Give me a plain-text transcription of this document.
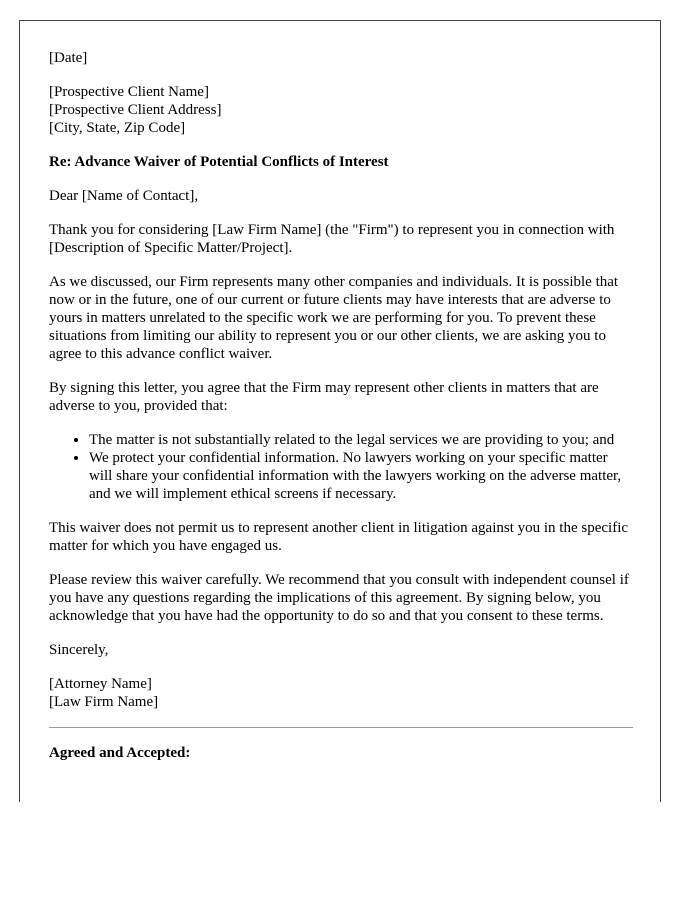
[Date]

[Prospective Client Name]
[Prospective Client Address]
[City, State, Zip Code]

Re: Advance Waiver of Potential Conflicts of Interest

Dear [Name of Contact],

Thank you for considering [Law Firm Name] (the "Firm") to represent you in connection with [Description of Specific Matter/Project].

As we discussed, our Firm represents many other companies and individuals. It is possible that now or in the future, one of our current or future clients may have interests that are adverse to yours in matters unrelated to the specific work we are performing for you. To prevent these situations from limiting our ability to represent you or our other clients, we are asking you to agree to this advance conflict waiver.

By signing this letter, you agree that the Firm may represent other clients in matters that are adverse to you, provided that:

• The matter is not substantially related to the legal services we are providing to you; and
• We protect your confidential information. No lawyers working on your specific matter will share your confidential information with the lawyers working on the adverse matter, and we will implement ethical screens if necessary.

This waiver does not permit us to represent another client in litigation against you in the specific matter for which you have engaged us.

Please review this waiver carefully. We recommend that you consult with independent counsel if you have any questions regarding the implications of this agreement. By signing below, you acknowledge that you have had the opportunity to do so and that you consent to these terms.

Sincerely,

[Attorney Name]
[Law Firm Name]

Agreed and Accepted:
